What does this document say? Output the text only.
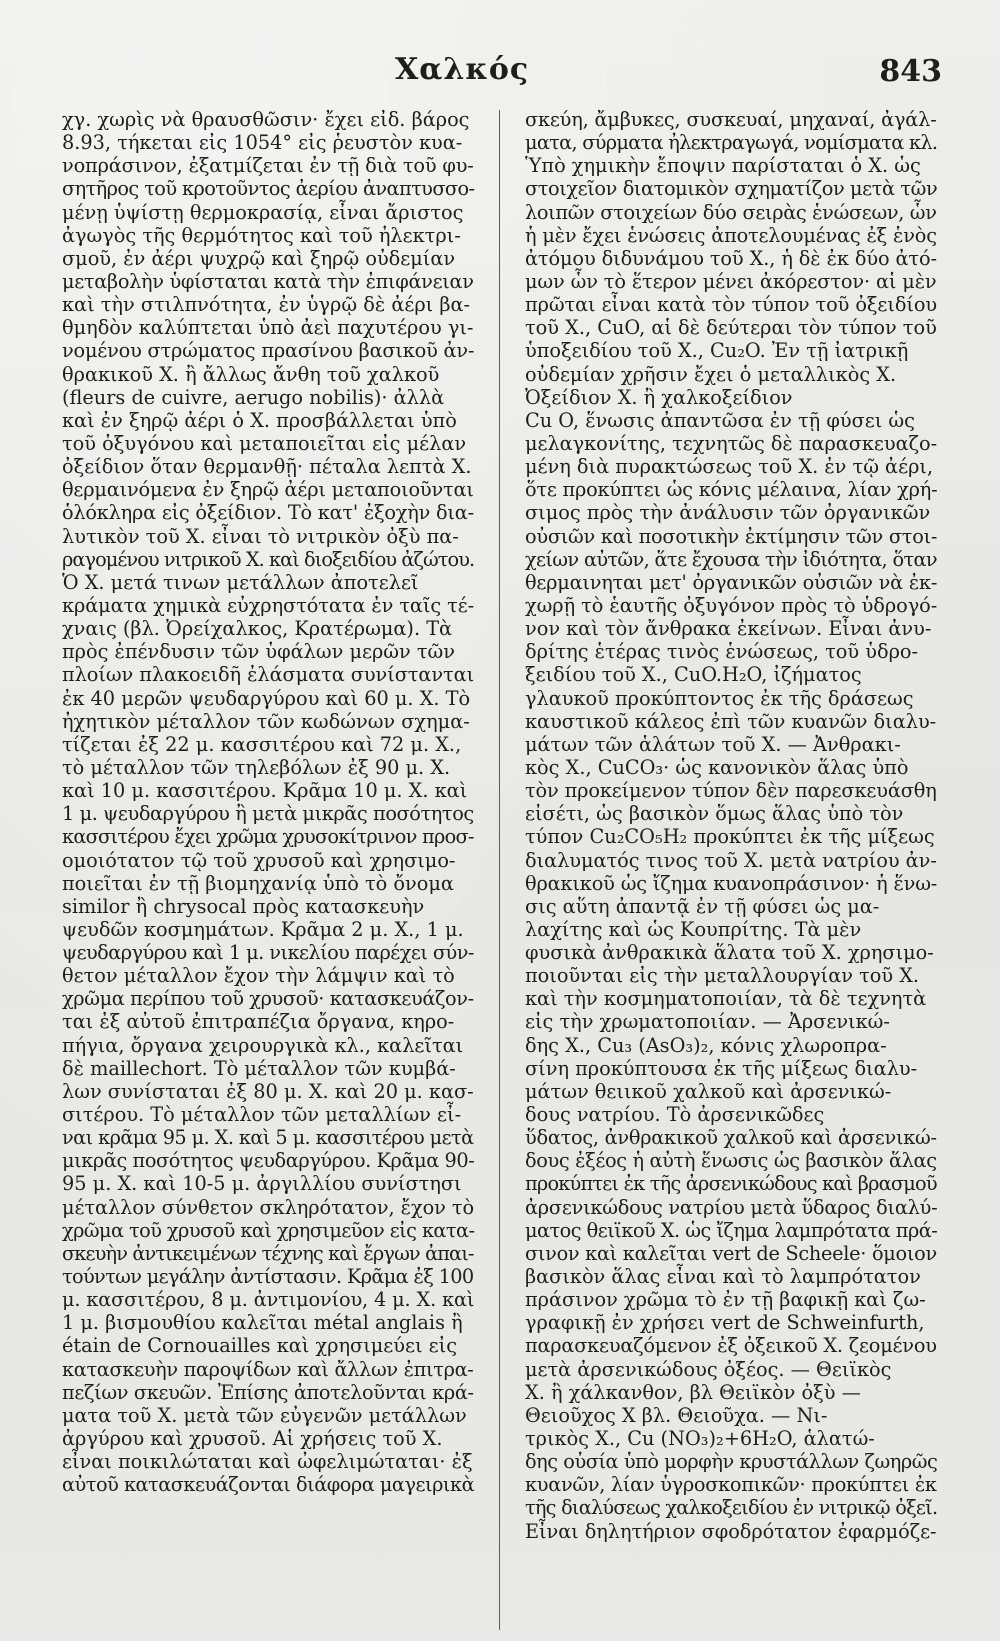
Χαλκός	843
χγ. χωρὶς νὰ θραυσθῶσιν· ἔχει εἰδ. βάρος
8.93, τήκεται εἰς 1054° εἰς ῥευστὸν κυα-
νοπράσινον, ἐξατμίζεται ἐν τῇ διὰ τοῦ φυ-
σητῆρος τοῦ κροτοῦντος ἀερίου ἀναπτυσσο-
μένῃ ὑψίστῃ θερμοκρασίᾳ, εἶναι ἄριστος
ἀγωγὸς τῆς θερμότητος καὶ τοῦ ἠλεκτρι-
σμοῦ, ἐν ἀέρι ψυχρῷ καὶ ξηρῷ οὐδεμίαν
μεταβολὴν ὑφίσταται κατὰ τὴν ἐπιφάνειαν
καὶ τὴν στιλπνότητα, ἐν ὑγρῷ δὲ ἀέρι βα-
θμηδὸν καλύπτεται ὑπὸ ἀεὶ παχυτέρου γι-
νομένου στρώματος πρασίνου βασικοῦ ἀν-
θρακικοῦ Χ. ἢ ἄλλως ἄνθη τοῦ χαλκοῦ
(fleurs de cuivre, aerugo nobilis)· ἀλλὰ
καὶ ἐν ξηρῷ ἀέρι ὁ Χ. προσβάλλεται ὑπὸ
τοῦ ὀξυγόνου καὶ μεταποιεῖται εἰς μέλαν
ὀξείδιον ὅταν θερμανθῇ· πέταλα λεπτὰ Χ.
θερμαινόμενα ἐν ξηρῷ ἀέρι μεταποιοῦνται
ὁλόκληρα εἰς ὀξείδιον. Τὸ κατ' ἐξοχὴν δια-
λυτικὸν τοῦ Χ. εἶναι τὸ νιτρικὸν ὀξὺ πα-
ραγομένου νιτρικοῦ Χ. καὶ διοξειδίου ἀζώτου.
Ὁ Χ. μετά τινων μετάλλων ἀποτελεῖ
κράματα χημικὰ εὐχρηστότατα ἐν ταῖς τέ-
χναις (βλ. Ὀρείχαλκος, Κρατέρωμα). Τὰ
πρὸς ἐπένδυσιν τῶν ὑφάλων μερῶν τῶν
πλοίων πλακοειδῆ ἐλάσματα συνίστανται
ἐκ 40 μερῶν ψευδαργύρου καὶ 60 μ. Χ. Τὸ
ἠχητικὸν μέταλλον τῶν κωδώνων σχημα-
τίζεται ἐξ 22 μ. κασσιτέρου καὶ 72 μ. Χ.,
τὸ μέταλλον τῶν τηλεβόλων ἐξ 90 μ. Χ.
καὶ 10 μ. κασσιτέρου. Κρᾶμα 10 μ. Χ. καὶ
1 μ. ψευδαργύρου ἢ μετὰ μικρᾶς ποσότητος
κασσιτέρου ἔχει χρῶμα χρυσοκίτρινον προσ-
ομοιότατον τῷ τοῦ χρυσοῦ καὶ χρησιμο-
ποιεῖται ἐν τῇ βιομηχανίᾳ ὑπὸ τὸ ὄνομα
similor ἢ chrysocal πρὸς κατασκευὴν
ψευδῶν κοσμημάτων. Κρᾶμα 2 μ. Χ., 1 μ.
ψευδαργύρου καὶ 1 μ. νικελίου παρέχει σύν-
θετον μέταλλον ἔχον τὴν λάμψιν καὶ τὸ
χρῶμα περίπου τοῦ χρυσοῦ· κατασκευάζον-
ται ἐξ αὐτοῦ ἐπιτραπέζια ὄργανα, κηρο-
πήγια, ὄργανα χειρουργικὰ κλ., καλεῖται
δὲ maillechort. Τὸ μέταλλον τῶν κυμβά-
λων συνίσταται ἐξ 80 μ. Χ. καὶ 20 μ. κασ-
σιτέρου. Τὸ μέταλλον τῶν μεταλλίων εἶ-
ναι κρᾶμα 95 μ. Χ. καὶ 5 μ. κασσιτέρου μετὰ
μικρᾶς ποσότητος ψευδαργύρου. Κρᾶμα 90-
95 μ. Χ. καὶ 10-5 μ. ἀργιλλίου συνίστησι
μέταλλον σύνθετον σκληρότατον, ἔχον τὸ
χρῶμα τοῦ χρυσοῦ καὶ χρησιμεῦον εἰς κατα-
σκευὴν ἀντικειμένων τέχνης καὶ ἔργων ἀπαι-
τούντων μεγάλην ἀντίστασιν. Κρᾶμα ἐξ 100
μ. κασσιτέρου, 8 μ. ἀντιμονίου, 4 μ. Χ. καὶ
1 μ. βισμουθίου καλεῖται métal anglais ἢ
étain de Cornouailles καὶ χρησιμεύει εἰς
κατασκευὴν παροψίδων καὶ ἄλλων ἐπιτρα-
πεζίων σκευῶν. Ἐπίσης ἀποτελοῦνται κρά-
ματα τοῦ Χ. μετὰ τῶν εὐγενῶν μετάλλων
ἀργύρου καὶ χρυσοῦ. Αἱ χρήσεις τοῦ Χ.
εἶναι ποικιλώταται καὶ ὠφελιμώταται· ἐξ
αὐτοῦ κατασκευάζονται διάφορα μαγειρικὰ
σκεύη, ἄμβυκες, συσκευαί, μηχαναί, ἀγάλ-
ματα, σύρματα ἠλεκτραγωγά, νομίσματα κλ.
Ὑπὸ χημικὴν ἔποψιν παρίσταται ὁ Χ. ὡς
στοιχεῖον διατομικὸν σχηματίζον μετὰ τῶν
λοιπῶν στοιχείων δύο σειρὰς ἑνώσεων, ὧν
ἡ μὲν ἔχει ἑνώσεις ἀποτελουμένας ἐξ ἑνὸς
ἀτόμου διδυνάμου τοῦ Χ., ἡ δὲ ἐκ δύο ἀτό-
μων ὧν τὸ ἕτερον μένει ἀκόρεστον· αἱ μὲν
πρῶται εἶναι κατὰ τὸν τύπον τοῦ ὀξειδίου
τοῦ Χ., CuO, αἱ δὲ δεύτεραι τὸν τύπον τοῦ
ὑποξειδίου τοῦ Χ., Cu₂O. Ἐν τῇ ἰατρικῇ
οὐδεμίαν χρῆσιν ἔχει ὁ μεταλλικὸς Χ.
Ὀξείδιον Χ. ἢ χαλκοξείδιον
Cu O, ἕνωσις ἀπαντῶσα ἐν τῇ φύσει ὡς
μελαγκονίτης, τεχνητῶς δὲ παρασκευαζο-
μένη διὰ πυρακτώσεως τοῦ Χ. ἐν τῷ ἀέρι,
ὅτε προκύπτει ὡς κόνις μέλαινα, λίαν χρή-
σιμος πρὸς τὴν ἀνάλυσιν τῶν ὀργανικῶν
οὐσιῶν καὶ ποσοτικὴν ἐκτίμησιν τῶν στοι-
χείων αὐτῶν, ἅτε ἔχουσα τὴν ἰδιότητα, ὅταν
θερμαινηται μετ' ὀργανικῶν οὐσιῶν νὰ ἐκ-
χωρῇ τὸ ἑαυτῆς ὀξυγόνον πρὸς τὸ ὑδρογό-
νον καὶ τὸν ἄνθρακα ἐκείνων. Εἶναι ἀνυ-
δρίτης ἑτέρας τινὸς ἑνώσεως, τοῦ ὑδρο-
ξειδίου τοῦ Χ., CuO.H₂O, ἰζήματος
γλαυκοῦ προκύπτοντος ἐκ τῆς δράσεως
καυστικοῦ κάλεος ἐπὶ τῶν κυανῶν διαλυ-
μάτων τῶν ἁλάτων τοῦ Χ. — Ἀνθρακι-
κὸς Χ., CuCO₃· ὡς κανονικὸν ἅλας ὑπὸ
τὸν προκείμενον τύπον δὲν παρεσκευάσθη
εἰσέτι, ὡς βασικὸν ὅμως ἅλας ὑπὸ τὸν
τύπον Cu₂CO₅H₂ προκύπτει ἐκ τῆς μίξεως
διαλυματός τινος τοῦ Χ. μετὰ νατρίου ἀν-
θρακικοῦ ὡς ἴζημα κυανοπράσινον· ἡ ἕνω-
σις αὕτη ἀπαντᾷ ἐν τῇ φύσει ὡς μα-
λαχίτης καὶ ὡς Κουπρίτης. Τὰ μὲν
φυσικὰ ἀνθρακικὰ ἅλατα τοῦ Χ. χρησιμο-
ποιοῦνται εἰς τὴν μεταλλουργίαν τοῦ Χ.
καὶ τὴν κοσμηματοποιίαν, τὰ δὲ τεχνητὰ
εἰς τὴν χρωματοποιίαν. — Ἀρσενικώ-
δης Χ., Cu₃ (AsO₃)₂, κόνις χλωροπρα-
σίνη προκύπτουσα ἐκ τῆς μίξεως διαλυ-
μάτων θειικοῦ χαλκοῦ καὶ ἀρσενικώ-
δους νατρίου. Τὸ ἀρσενικῶδες
ὕδατος, ἀνθρακικοῦ χαλκοῦ καὶ ἀρσενικώ-
δους ἐξέος ἡ αὐτὴ ἕνωσις ὡς βασικὸν ἅλας
προκύπτει ἐκ τῆς ἀρσενικώδους καὶ βρασμοῦ
ἀρσενικώδους νατρίου μετὰ ὕδαρος διαλύ-
ματος θειϊκοῦ Χ. ὡς ἴζημα λαμπρότατα πρά-
σινον καὶ καλεῖται vert de Scheele· ὅμοιον
βασικὸν ἅλας εἶναι καὶ τὸ λαμπρότατον
πράσινον χρῶμα τὸ ἐν τῇ βαφικῇ καὶ ζω-
γραφικῇ ἐν χρήσει vert de Schweinfurth,
παρασκευαζόμενον ἐξ ὀξεικοῦ Χ. ζεομένου
μετὰ ἀρσενικώδους ὀξέος. — Θειϊκὸς
Χ. ἢ χάλκανθον, βλ Θειϊκὸν ὀξὺ —
Θειοῦχος Χ βλ. Θειοῦχα. — Νι-
τρικὸς Χ., Cu (NO₃)₂+6H₂O, ἁλατώ-
δης οὐσία ὑπὸ μορφὴν κρυστάλλων ζωηρῶς
κυανῶν, λίαν ὑγροσκοπικῶν· προκύπτει ἐκ
τῆς διαλύσεως χαλκοξειδίου ἐν νιτρικῷ ὀξεῖ.
Εἶναι δηλητήριον σφοδρότατον ἐφαρμόζε-
